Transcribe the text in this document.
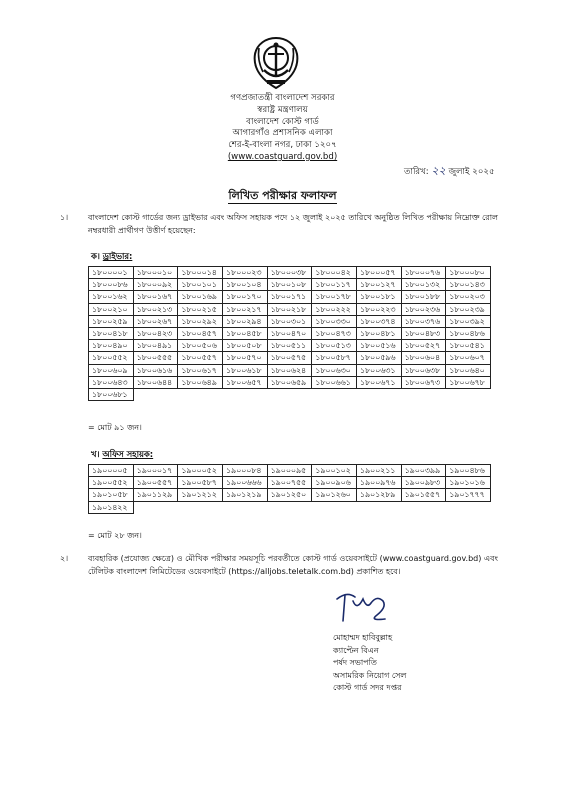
গণপ্রজাতন্ত্রী বাংলাদেশ সরকার
স্বরাষ্ট্র মন্ত্রণালয়
বাংলাদেশ কোস্ট গার্ড
আগারগাঁও প্রশাসনিক এলাকা
শের-ই-বাংলা নগর, ঢাকা ১২০৭
(www.coastguard.gov.bd)
তারিখ: ২২ জুলাই ২০২৫
লিখিত পরীক্ষার ফলাফল
১। বাংলাদেশ কোস্ট গার্ডের জন্য ড্রাইভার এবং অফিস সহায়ক পদে ১২ জুলাই ২০২৫ তারিখে অনুষ্ঠিত লিখিত পরীক্ষায় নিম্নোক্ত রোল নম্বরধারী প্রার্থীগণ উত্তীর্ণ হয়েছেন:
ক। ড্রাইভার:
১৮০০০০১	১৮০০০১০	১৮০০০১৪	১৮০০০২৩	১৮০০০৩৮	১৮০০০৪২	১৮০০০৫৭	১৮০০০৭৬	১৮০০০৮০
১৮০০০৮৬	১৮০০০৯২	১৮০০১০১	১৮০০১০৪	১৮০০১০৮	১৮০০১১৭	১৮০০১২৭	১৮০০১৩২	১৮০০১৪৩
১৮০০১৬২	১৮০০১৬৭	১৮০০১৬৯	১৮০০১৭০	১৮০০১৭১	১৮০০১৭৮	১৮০০১৮১	১৮০০১৮৮	১৮০০২০৩
১৮০০২১০	১৮০০২১৩	১৮০০২১৫	১৮০০২১৭	১৮০০২১৮	১৮০০২২২	১৮০০২২৩	১৮০০২৩৬	১৮০০২৩৯
১৮০০২৫৯	১৮০০২৬৭	১৮০০২৯২	১৮০০২৯৪	১৮০০৩০১	১৮০০৩৩০	১৮০০৩৭৪	১৮০০৩৭৬	১৮০০৩৯২
১৮০০৪১৮	১৮০০৪২৩	১৮০০৪৫৭	১৮০০৪৫৮	১৮০০৪৭০	১৮০০৪৭৩	১৮০০৪৮১	১৮০০৪৮৩	১৮০০৪৮৬
১৮০০৪৯০	১৮০০৪৯১	১৮০০৫০৬	১৮০০৫০৮	১৮০০৫১১	১৮০০৫১৩	১৮০০৫১৬	১৮০০৫২৭	১৮০০৫৪১
১৮০০৫৫২	১৮০০৫৫৫	১৮০০৫৫৭	১৮০০৫৭০	১৮০০৫৭৫	১৮০০৫৮৭	১৮০০৫৯৬	১৮০০৬০৪	১৮০০৬০৭
১৮০০৬০৯	১৮০০৬১৬	১৮০০৬১৭	১৮০০৬১৮	১৮০০৬২৪	১৮০০৬৩০	১৮০০৬৩১	১৮০০৬৩৮	১৮০০৬৪০
১৮০০৬৪৩	১৮০০৬৪৪	১৮০০৬৪৯	১৮০০৬৫৭	১৮০০৬৫৯	১৮০০৬৬১	১৮০০৬৭১	১৮০০৬৭৩	১৮০০৬৭৮
১৮০০৬৮১								
= মোট ৯১ জন।
খ। অফিস সহায়ক:
১৯০০০০৫	১৯০০০১৭	১৯০০০৫২	১৯০০০৮৪	১৯০০০৯৫	১৯০০১০২	১৯০০২১১	১৯০০৩৯৯	১৯০০৪৮৬
১৯০০৫৫২	১৯০০৫৫৭	১৯০০৫৮৭	১৯০০৬৬৬	১৯০০৭৫৫	১৯০০৯০৬	১৯০০৯৭৬	১৯০০৯৮৩	১৯০১০১৬
১৯০১০৫৮	১৯০১১২৯	১৯০১২১২	১৯০১২১৯	১৯০১২৫০	১৯০১২৬০	১৯০১২৮৯	১৯০১৫৫৭	১৯০১৭৭৭
১৯০১৪২২								
= মোট ২৮ জন।
২। ব্যবহারিক (প্রযোজ্য ক্ষেত্রে) ও মৌখিক পরীক্ষার সময়সূচি পরবর্তীতে কোস্ট গার্ড ওয়েবসাইটে (www.coastguard.gov.bd) এবং টেলিটক বাংলাদেশ লিমিটেডের ওয়েবসাইটে (https://alljobs.teletalk.com.bd) প্রকাশিত হবে।
মোহাম্মদ হাবিবুল্লাহ
ক্যাপ্টেন বিএন
পর্ষদ সভাপতি
অসামরিক নিয়োগ সেল
কোস্ট গার্ড সদর দপ্তর
